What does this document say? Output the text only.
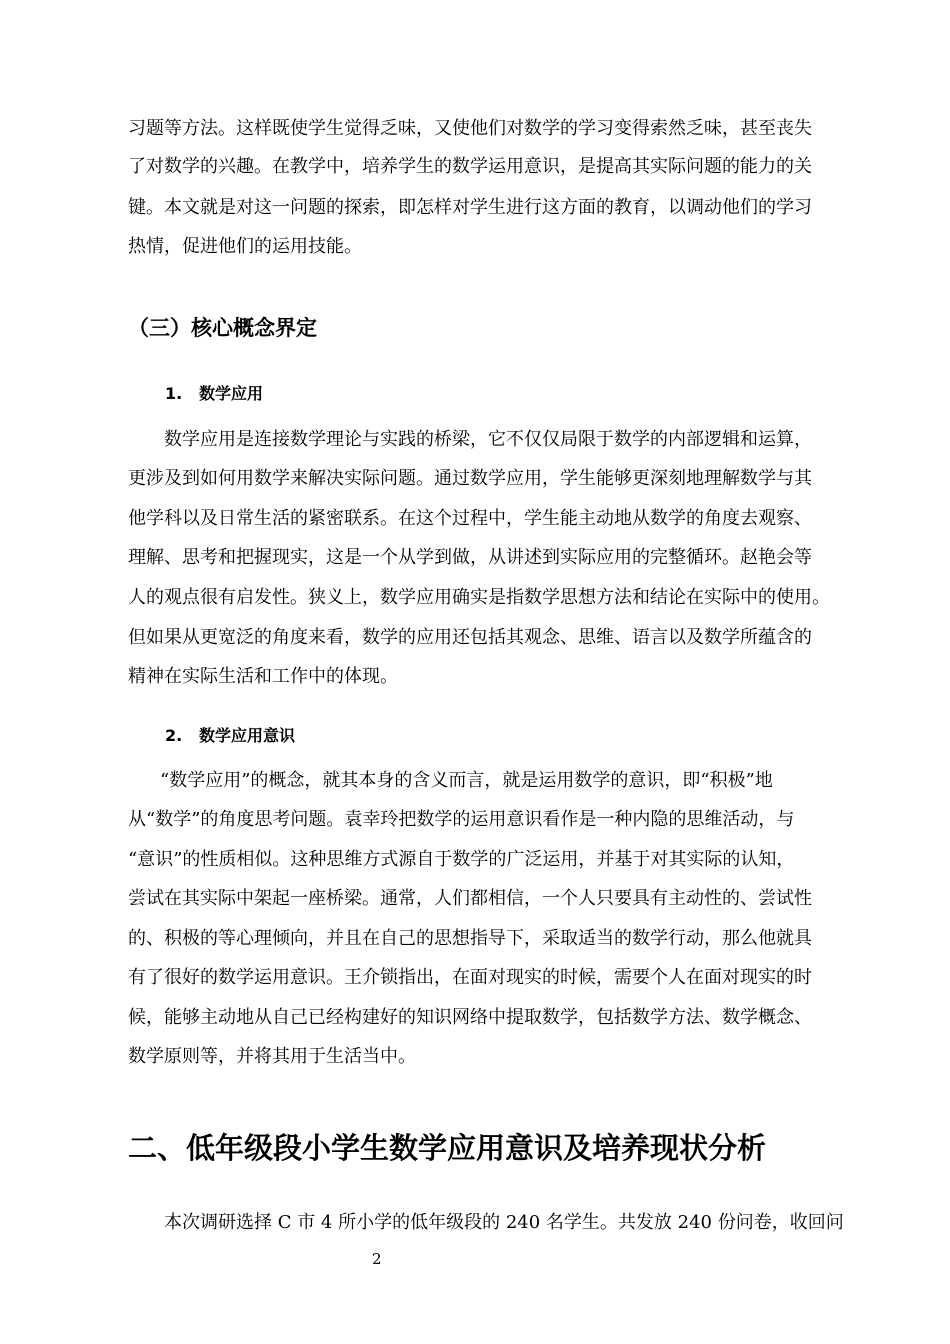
习题等方法。这样既使学生觉得乏味，又使他们对数学的学习变得索然乏味，甚至丧失
了对数学的兴趣。在教学中，培养学生的数学运用意识，是提高其实际问题的能力的关
键。本文就是对这一问题的探索，即怎样对学生进行这方面的教育，以调动他们的学习
热情，促进他们的运用技能。
（三）核心概念界定
1. 数学应用
数学应用是连接数学理论与实践的桥梁，它不仅仅局限于数学的内部逻辑和运算，
更涉及到如何用数学来解决实际问题。通过数学应用，学生能够更深刻地理解数学与其
他学科以及日常生活的紧密联系。在这个过程中，学生能主动地从数学的角度去观察、
理解、思考和把握现实，这是一个从学到做，从讲述到实际应用的完整循环。赵艳会等
人的观点很有启发性。狭义上，数学应用确实是指数学思想方法和结论在实际中的使用。
但如果从更宽泛的角度来看，数学的应用还包括其观念、思维、语言以及数学所蕴含的
精神在实际生活和工作中的体现。
2. 数学应用意识
“数学应用”的概念，就其本身的含义而言，就是运用数学的意识，即“积极”地
从“数学”的角度思考问题。袁幸玲把数学的运用意识看作是一种内隐的思维活动，与
“意识”的性质相似。这种思维方式源自于数学的广泛运用，并基于对其实际的认知，
尝试在其实际中架起一座桥梁。通常，人们都相信，一个人只要具有主动性的、尝试性
的、积极的等心理倾向，并且在自己的思想指导下，采取适当的数学行动，那么他就具
有了很好的数学运用意识。王介锁指出，在面对现实的时候，需要个人在面对现实的时
候，能够主动地从自己已经构建好的知识网络中提取数学，包括数学方法、数学概念、
数学原则等，并将其用于生活当中。
二、低年级段小学生数学应用意识及培养现状分析
本次调研选择 C 市 4 所小学的低年级段的 240 名学生。共发放 240 份问卷，收回问
2
